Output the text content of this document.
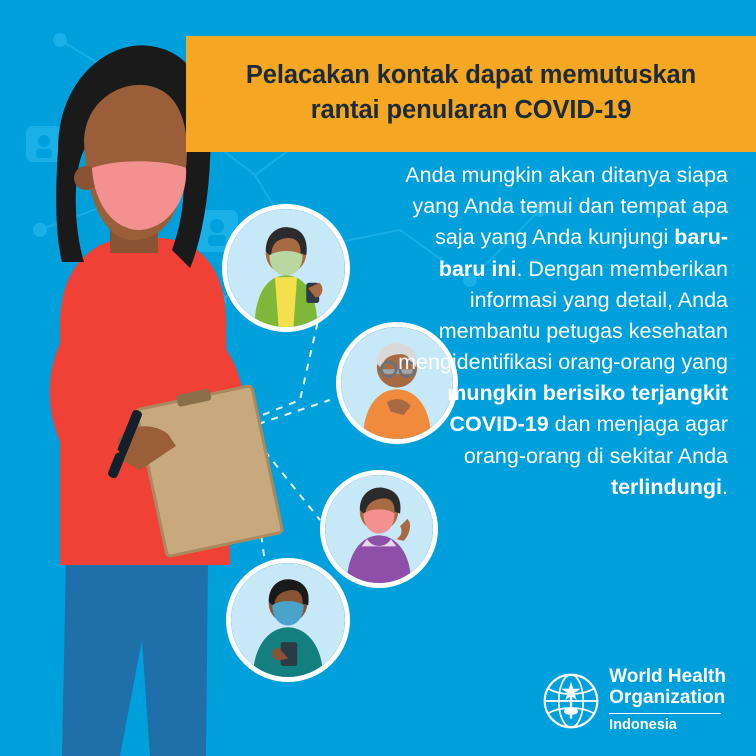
Pelacakan kontak dapat memutuskan
rantai penularan COVID-19
Anda mungkin akan ditanya siapa yang Anda temui dan tempat apa saja yang Anda kunjungi baru-baru ini. Dengan memberikan informasi yang detail, Anda membantu petugas kesehatan mengidentifikasi orang-orang yang mungkin berisiko terjangkit COVID-19 dan menjaga agar orang-orang di sekitar Anda terlindungi.
World Health
Organization
Indonesia
